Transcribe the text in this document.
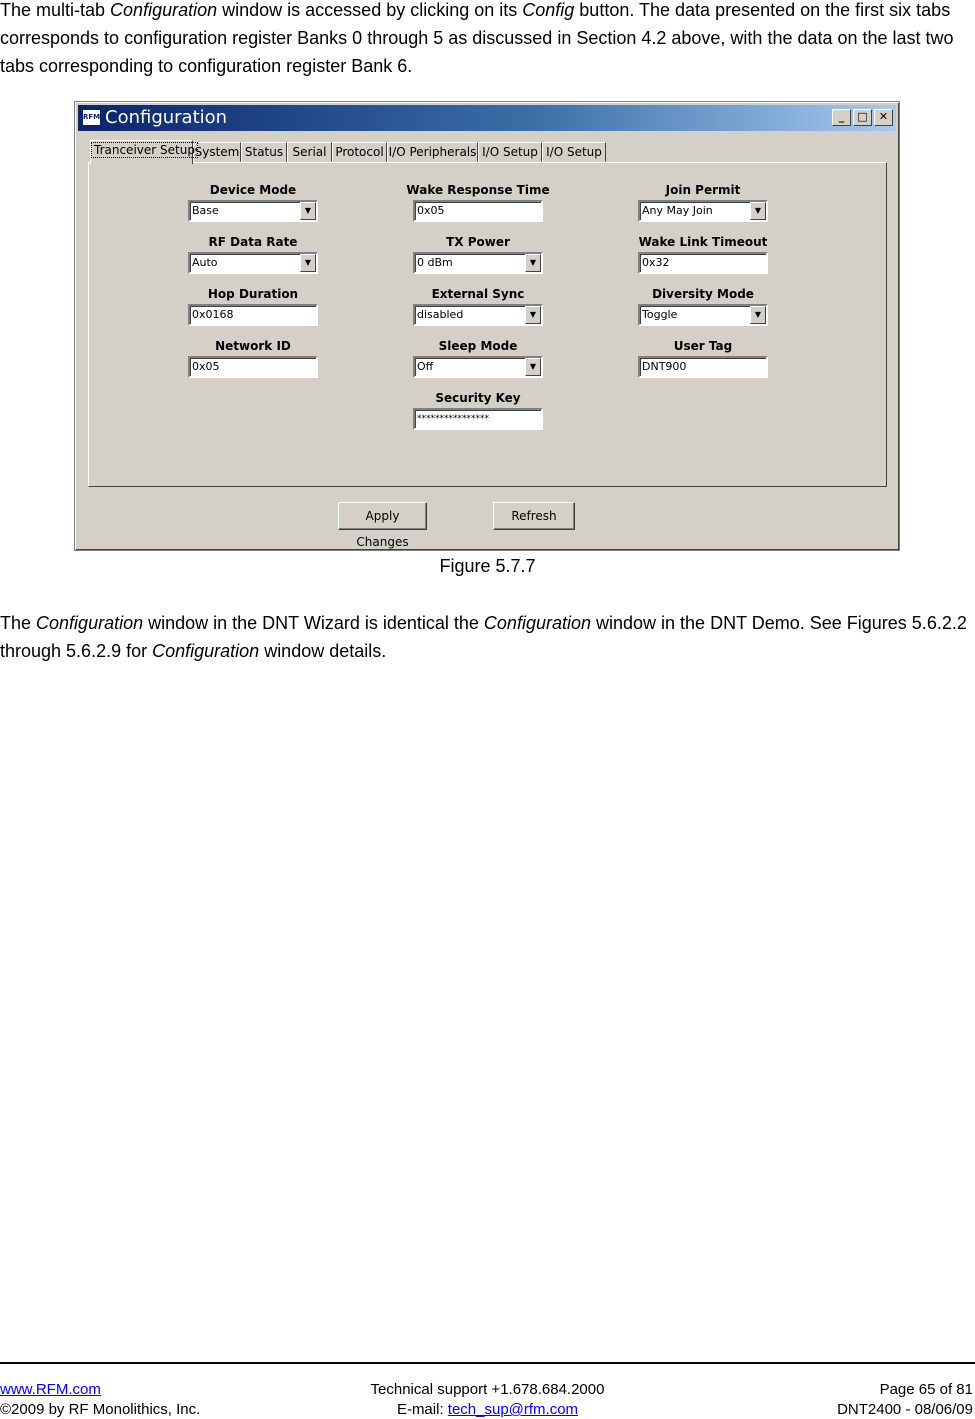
The multi-tab Configuration window is accessed by clicking on its Config button. The data presented on the first six tabs corresponds to configuration register Banks 0 through 5 as discussed in Section 4.2 above, with the data on the last two tabs corresponding to configuration register Bank 6.

RFM Configuration	_	□	✕
Tranceiver Setup System Status Serial Protocol I/O Peripherals I/O Setup I/O Setup
Device Mode
Base	▼
RF Data Rate
Auto	▼
Hop Duration
0x0168
Network ID
0x05
Wake Response Time
0x05
TX Power
0 dBm	▼
External Sync
disabled	▼
Sleep Mode
Off	▼
Security Key
****************
Join Permit
Any May Join	▼
Wake Link Timeout
0x32
Diversity Mode
Toggle	▼
User Tag
DNT900
Apply Changes
Refresh
Figure 5.7.7

The Configuration window in the DNT Wizard is identical the Configuration window in the DNT Demo. See Figures 5.6.2.2 through 5.6.2.9 for Configuration window details.

www.RFM.com
©2009 by RF Monolithics, Inc.
Technical support +1.678.684.2000
E-mail: tech_sup@rfm.com
Page 65 of 81
DNT2400 - 08/06/09
